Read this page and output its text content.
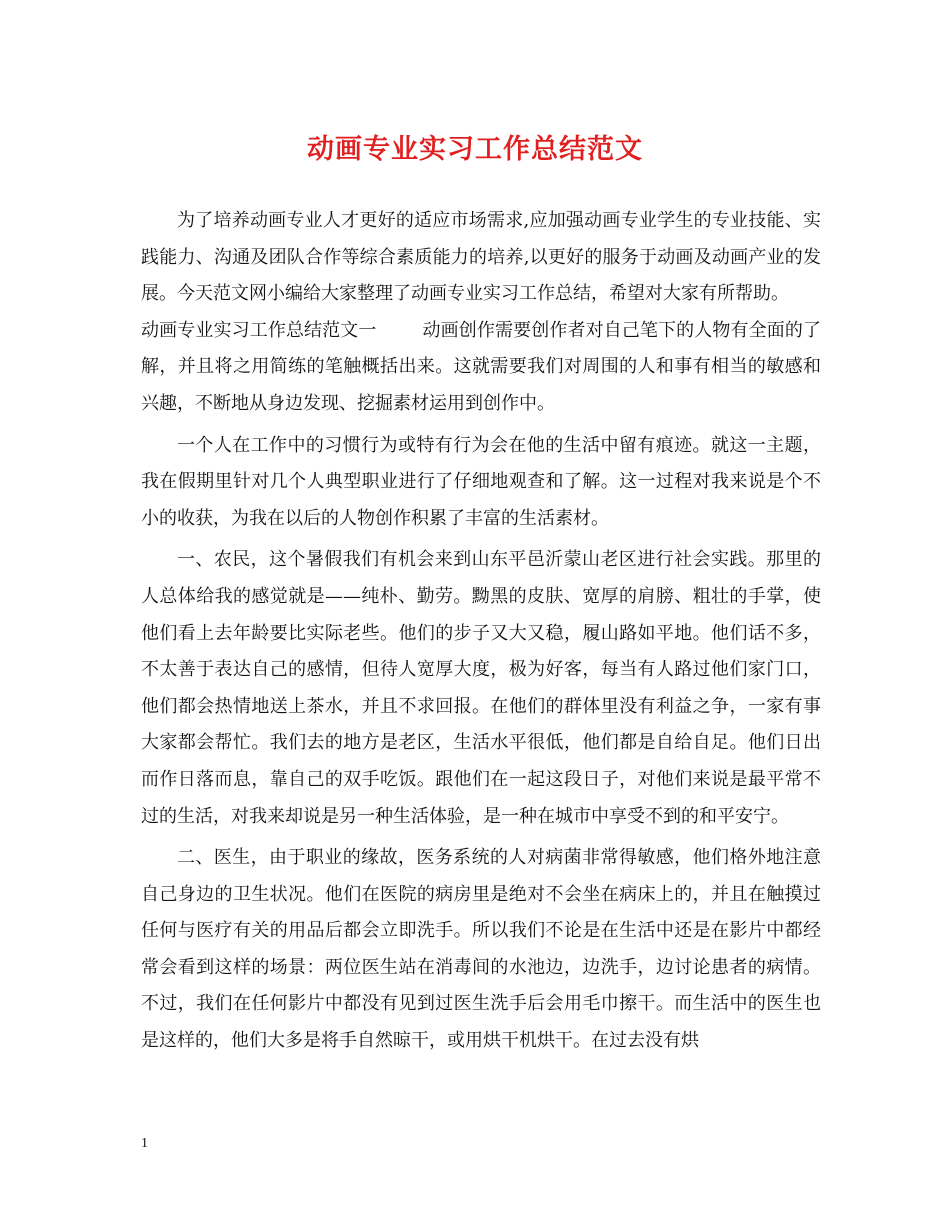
动画专业实习工作总结范文

为了培养动画专业人才更好的适应市场需求,应加强动画专业学生的专业技能、实践能力、沟通及团队合作等综合素质能力的培养,以更好的服务于动画及动画产业的发展。今天范文网小编给大家整理了动画专业实习工作总结，希望对大家有所帮助。

动画专业实习工作总结范文一	动画创作需要创作者对自己笔下的人物有全面的了解，并且将之用简练的笔触概括出来。这就需要我们对周围的人和事有相当的敏感和兴趣，不断地从身边发现、挖掘素材运用到创作中。

一个人在工作中的习惯行为或特有行为会在他的生活中留有痕迹。就这一主题，我在假期里针对几个人典型职业进行了仔细地观查和了解。这一过程对我来说是个不小的收获，为我在以后的人物创作积累了丰富的生活素材。

一、农民，这个暑假我们有机会来到山东平邑沂蒙山老区进行社会实践。那里的人总体给我的感觉就是——纯朴、勤劳。黝黑的皮肤、宽厚的肩膀、粗壮的手掌，使他们看上去年龄要比实际老些。他们的步子又大又稳，履山路如平地。他们话不多，不太善于表达自己的感情，但待人宽厚大度，极为好客，每当有人路过他们家门口，他们都会热情地送上茶水，并且不求回报。在他们的群体里没有利益之争，一家有事大家都会帮忙。我们去的地方是老区，生活水平很低，他们都是自给自足。他们日出而作日落而息，靠自己的双手吃饭。跟他们在一起这段日子，对他们来说是最平常不过的生活，对我来却说是另一种生活体验，是一种在城市中享受不到的和平安宁。

二、医生，由于职业的缘故，医务系统的人对病菌非常得敏感，他们格外地注意自己身边的卫生状况。他们在医院的病房里是绝对不会坐在病床上的，并且在触摸过任何与医疗有关的用品后都会立即洗手。所以我们不论是在生活中还是在影片中都经常会看到这样的场景：两位医生站在消毒间的水池边，边洗手，边讨论患者的病情。不过，我们在任何影片中都没有见到过医生洗手后会用毛巾擦干。而生活中的医生也是这样的，他们大多是将手自然晾干，或用烘干机烘干。在过去没有烘

1
